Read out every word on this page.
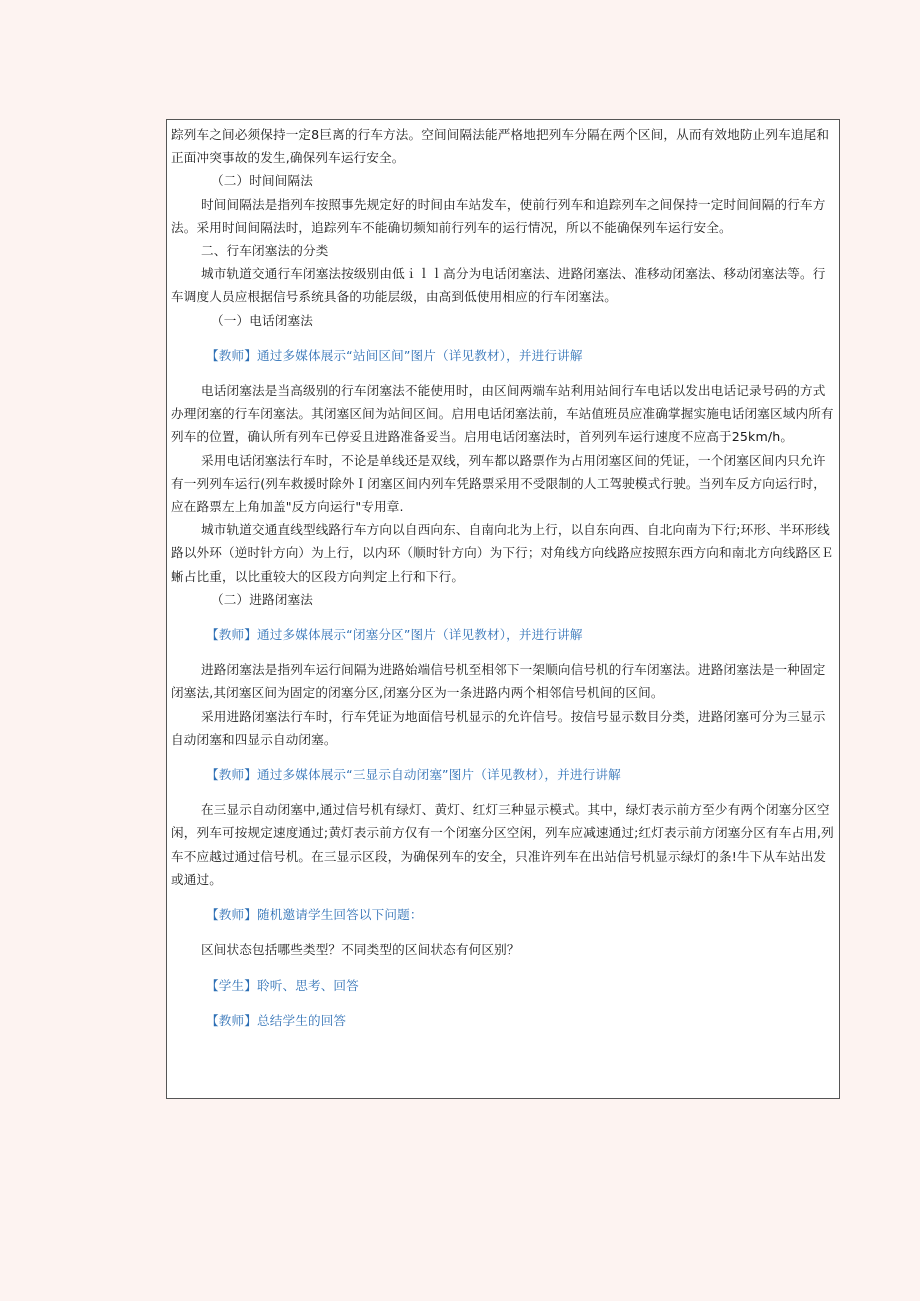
踪列车之间必须保持一定8巨离的行车方法。空间间隔法能严格地把列车分隔在两个区间，从而有效地防止列车追尾和正面冲突事故的发生,确保列车运行安全。

（二）时间间隔法

时间间隔法是指列车按照事先规定好的时间由车站发车，使前行列车和追踪列车之间保持一定时间间隔的行车方法。采用时间间隔法时，追踪列车不能确切频知前行列车的运行情况，所以不能确保列车运行安全。

二、行车闭塞法的分类

城市轨道交通行车闭塞法按级别由低ｉｌｌ高分为电话闭塞法、进路闭塞法、准移动闭塞法、移动闭塞法等。行车调度人员应根据信号系统具备的功能层级，由高到低使用相应的行车闭塞法。

（一）电话闭塞法

【教师】通过多媒体展示“站间区间”图片（详见教材），并进行讲解

电话闭塞法是当高级别的行车闭塞法不能使用时，由区间两端车站利用站间行车电话以发出电话记录号码的方式办理闭塞的行车闭塞法。其闭塞区间为站间区间。启用电话闭塞法前，车站值班员应准确掌握实施电话闭塞区域内所有列车的位置，确认所有列车已停妥且进路准备妥当。启用电话闭塞法时，首列列车运行速度不应高于25km/h。

采用电话闭塞法行车时，不论是单线还是双线，列车都以路票作为占用闭塞区间的凭证，一个闭塞区间内只允许有一列列车运行(列车救援时除外Ｉ闭塞区间内列车凭路票采用不受限制的人工驾驶模式行驶。当列车反方向运行时，应在路票左上角加盖"反方向运行"专用章.

城市轨道交通直线型线路行车方向以自西向东、自南向北为上行，以自东向西、自北向南为下行;环形、半环形线路以外环（逆时针方向）为上行，以内环（顺时针方向）为下行；对角线方向线路应按照东西方向和南北方向线路区Ｅ蜥占比重，以比重较大的区段方向判定上行和下行。

（二）进路闭塞法

【教师】通过多媒体展示“闭塞分区”图片（详见教材），并进行讲解

进路闭塞法是指列车运行间隔为进路始端信号机至相邻下一架顺向信号机的行车闭塞法。进路闭塞法是一种固定闭塞法,其闭塞区间为固定的闭塞分区,闭塞分区为一条进路内两个相邻信号机间的区间。

采用进路闭塞法行车时，行车凭证为地面信号机显示的允许信号。按信号显示数目分类，进路闭塞可分为三显示自动闭塞和四显示自动闭塞。

【教师】通过多媒体展示“三显示自动闭塞”图片（详见教材），并进行讲解

在三显示自动闭塞中,通过信号机有绿灯、黄灯、红灯三种显示模式。其中，绿灯表示前方至少有两个闭塞分区空闲，列车可按规定速度通过;黄灯表示前方仅有一个闭塞分区空闲，列车应减速通过;红灯表示前方闭塞分区有车占用,列车不应越过通过信号机。在三显示区段，为确保列车的安全，只准许列车在出站信号机显示绿灯的条!牛下从车站出发或通过。

【教师】随机邀请学生回答以下问题：

区间状态包括哪些类型？不同类型的区间状态有何区别？

【学生】聆听、思考、回答

【教师】总结学生的回答
